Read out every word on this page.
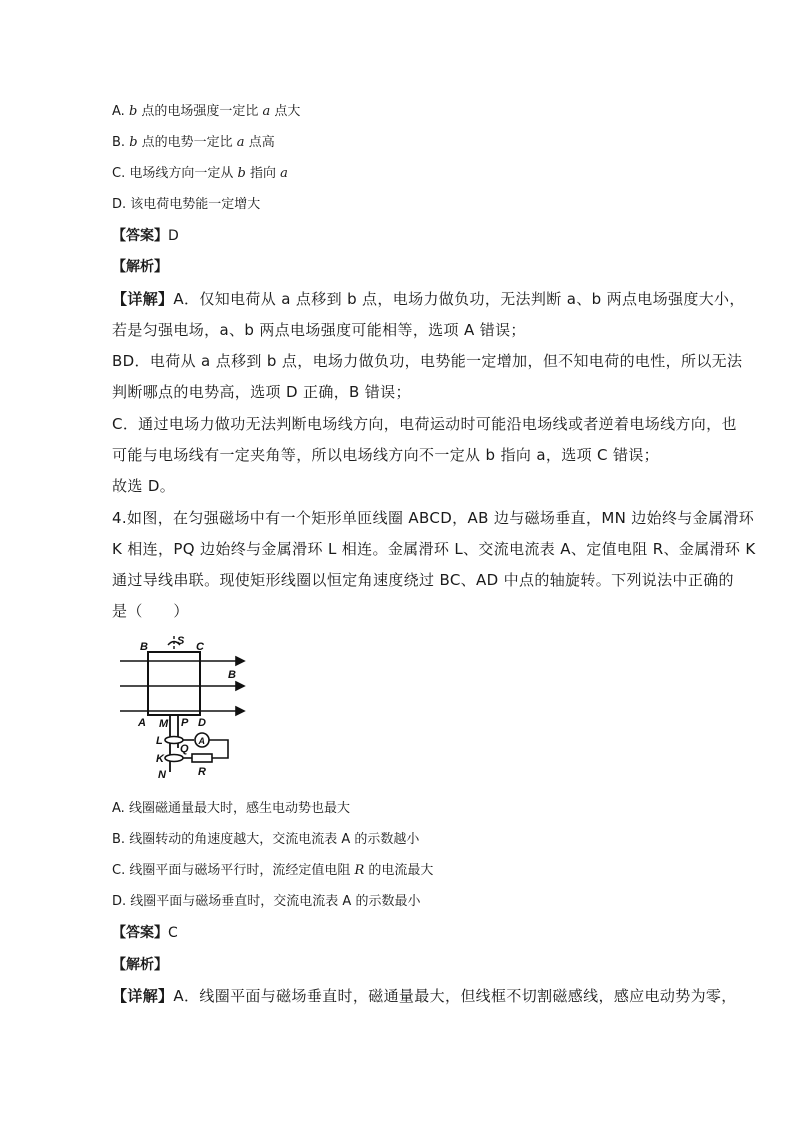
A. b 点的电场强度一定比 a 点大
B. b 点的电势一定比 a 点高
C. 电场线方向一定从 b 指向 a
D. 该电荷电势能一定增大
【答案】D
【解析】
【详解】A．仅知电荷从 a 点移到 b 点，电场力做负功，无法判断 a、b 两点电场强度大小，
若是匀强电场，a、b 两点电场强度可能相等，选项 A 错误；
BD．电荷从 a 点移到 b 点，电场力做负功，电势能一定增加，但不知电荷的电性，所以无法
判断哪点的电势高，选项 D 正确，B 错误；
C．通过电场力做功无法判断电场线方向，电荷运动时可能沿电场线或者逆着电场线方向，也
可能与电场线有一定夹角等，所以电场线方向不一定从 b 指向 a，选项 C 错误；
故选 D。
4.如图，在匀强磁场中有一个矩形单匝线圈 ABCD，AB 边与磁场垂直，MN 边始终与金属滑环
K 相连，PQ 边始终与金属滑环 L 相连。金属滑环 L、交流电流表 A、定值电阻 R、金属滑环 K
通过导线串联。现使矩形线圈以恒定角速度绕过 BC、AD 中点的轴旋转。下列说法中正确的
是（　　）
B	S C
B
A M P D
L
Q
K
N	R
A
A. 线圈磁通量最大时，感生电动势也最大
B. 线圈转动的角速度越大，交流电流表 A 的示数越小
C. 线圈平面与磁场平行时，流经定值电阻 R 的电流最大
D. 线圈平面与磁场垂直时，交流电流表 A 的示数最小
【答案】C
【解析】
【详解】A．线圈平面与磁场垂直时，磁通量最大，但线框不切割磁感线，感应电动势为零，
